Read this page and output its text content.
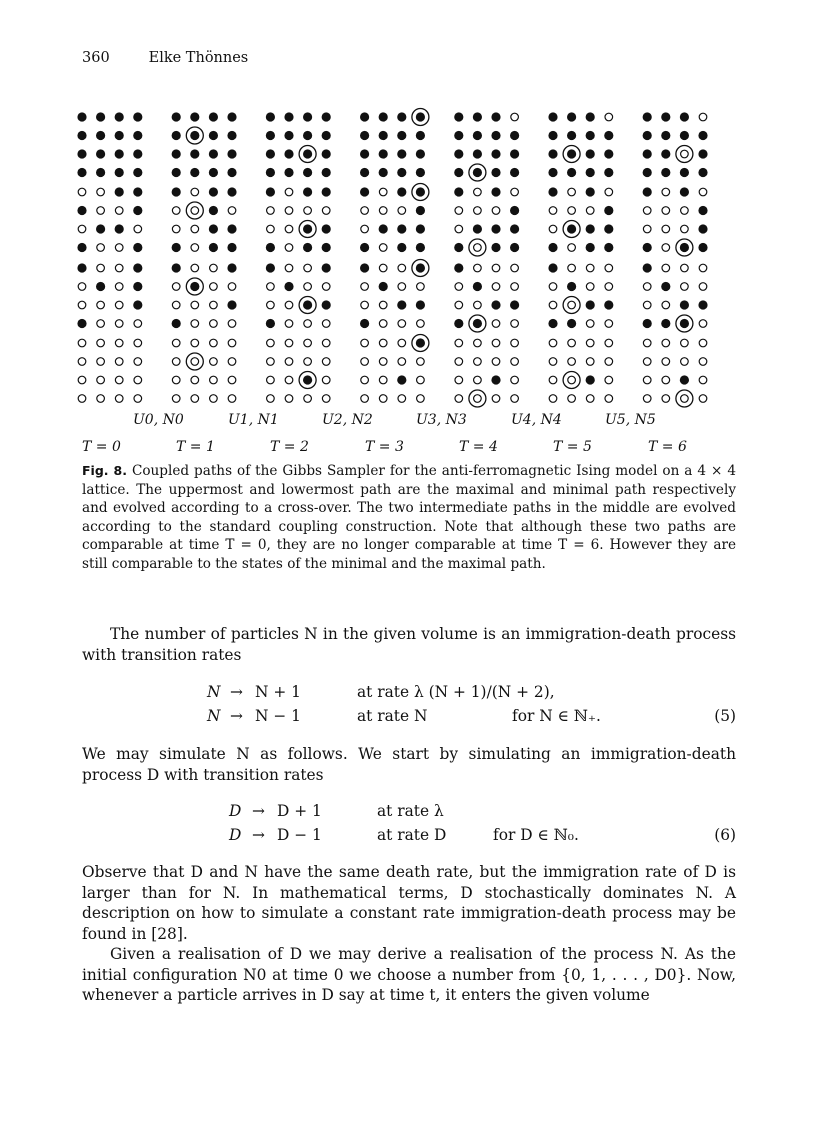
360	Elke Thönnes
U0, N0	U1, N1	U2, N2	U3, N3	U4, N4	U5, N5
T = 0	T = 1	T = 2	T = 3	T = 4	T = 5	T = 6
Fig. 8. Coupled paths of the Gibbs Sampler for the anti-ferromagnetic Ising model on a 4 × 4 lattice. The uppermost and lowermost path are the maximal and minimal path respectively and evolved according to a cross-over. The two intermediate paths in the middle are evolved according to the standard coupling construction. Note that although these two paths are comparable at time T = 0, they are no longer comparable at time T = 6. However they are still comparable to the states of the minimal and the maximal path.
The number of particles N in the given volume is an immigration-death process with transition rates
N → N + 1	at rate λ (N + 1)/(N + 2),
N → N − 1	at rate N	for N ∈ ℕ₊.	(5)
We may simulate N as follows. We start by simulating an immigration-death process D with transition rates
D → D + 1	at rate λ
D → D − 1	at rate D	for D ∈ ℕ₀.	(6)
Observe that D and N have the same death rate, but the immigration rate of D is larger than for N. In mathematical terms, D stochastically dominates N. A description on how to simulate a constant rate immigration-death process may be found in [28].
Given a realisation of D we may derive a realisation of the process N. As the initial configuration N0 at time 0 we choose a number from {0, 1, . . . , D0}. Now, whenever a particle arrives in D say at time t, it enters the given volume
